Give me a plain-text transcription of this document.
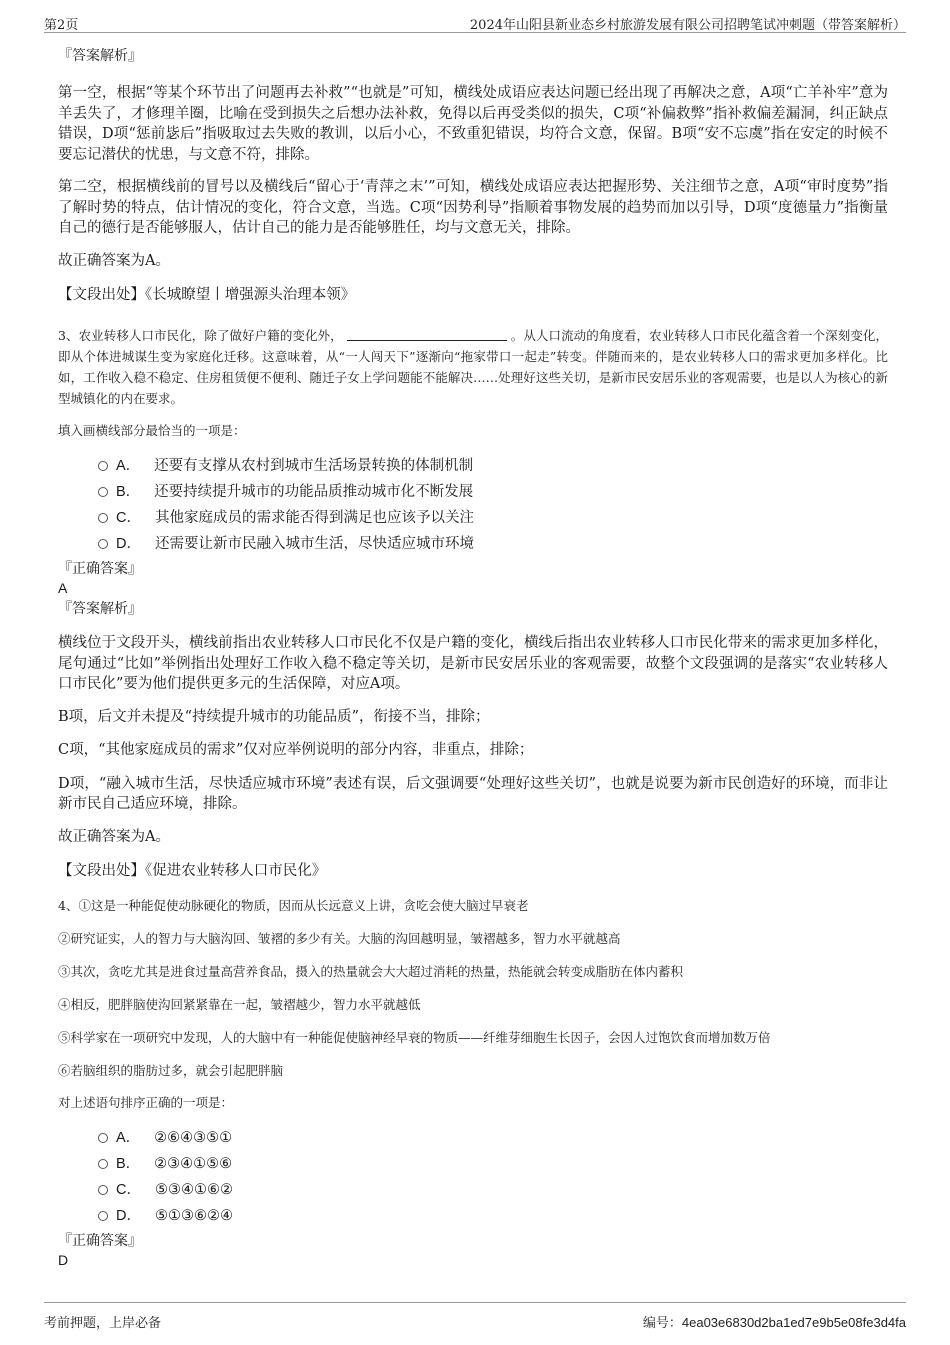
第2页	2024年山阳县新业态乡村旅游发展有限公司招聘笔试冲刺题（带答案解析）

『答案解析』

第一空，根据“等某个环节出了问题再去补救”“也就是”可知，横线处成语应表达问题已经出现了再解决之意，A项“亡羊补牢”意为羊丢失了，才修理羊圈，比喻在受到损失之后想办法补救，免得以后再受类似的损失，C项“补偏救弊”指补救偏差漏洞，纠正缺点错误，D项“惩前毖后”指吸取过去失败的教训，以后小心，不致重犯错误，均符合文意，保留。B项“安不忘虞”指在安定的时候不要忘记潜伏的忧患，与文意不符，排除。

第二空，根据横线前的冒号以及横线后“留心于‘青萍之末’”可知，横线处成语应表达把握形势、关注细节之意，A项“审时度势”指了解时势的特点，估计情况的变化，符合文意，当选。C项“因势利导”指顺着事物发展的趋势而加以引导，D项“度德量力”指衡量自己的德行是否能够服人，估计自己的能力是否能够胜任，均与文意无关，排除。

故正确答案为A。

【文段出处】《长城瞭望丨增强源头治理本领》

3、农业转移人口市民化，除了做好户籍的变化外，	。从人口流动的角度看，农业转移人口市民化蕴含着一个深刻变化，即从个体进城谋生变为家庭化迁移。这意味着，从“一人闯天下”逐渐向“拖家带口一起走”转变。伴随而来的，是农业转移人口的需求更加多样化。比如，工作收入稳不稳定、住房租赁便不便利、随迁子女上学问题能不能解决……处理好这些关切，是新市民安居乐业的客观需要，也是以人为核心的新型城镇化的内在要求。

填入画横线部分最恰当的一项是：

A． 还要有支撑从农村到城市生活场景转换的体制机制

B． 还要持续提升城市的功能品质推动城市化不断发展

C． 其他家庭成员的需求能否得到满足也应该予以关注

D． 还需要让新市民融入城市生活，尽快适应城市环境

『正确答案』

A

『答案解析』

横线位于文段开头，横线前指出农业转移人口市民化不仅是户籍的变化，横线后指出农业转移人口市民化带来的需求更加多样化，尾句通过“比如”举例指出处理好工作收入稳不稳定等关切，是新市民安居乐业的客观需要，故整个文段强调的是落实“农业转移人口市民化”要为他们提供更多元的生活保障，对应A项。

B项，后文并未提及“持续提升城市的功能品质”，衔接不当，排除；

C项，“其他家庭成员的需求”仅对应举例说明的部分内容，非重点，排除；

D项，“融入城市生活，尽快适应城市环境”表述有误，后文强调要“处理好这些关切”，也就是说要为新市民创造好的环境，而非让新市民自己适应环境，排除。

故正确答案为A。

【文段出处】《促进农业转移人口市民化》

4、①这是一种能促使动脉硬化的物质，因而从长远意义上讲，贪吃会使大脑过早衰老

②研究证实，人的智力与大脑沟回、皱褶的多少有关。大脑的沟回越明显，皱褶越多，智力水平就越高

③其次，贪吃尤其是进食过量高营养食品，摄入的热量就会大大超过消耗的热量，热能就会转变成脂肪在体内蓄积

④相反，肥胖脑使沟回紧紧靠在一起，皱褶越少，智力水平就越低

⑤科学家在一项研究中发现，人的大脑中有一种能促使脑神经早衰的物质——纤维芽细胞生长因子，会因人过饱饮食而增加数万倍

⑥若脑组织的脂肪过多，就会引起肥胖脑

对上述语句排序正确的一项是：

A． ②⑥④③⑤①

B． ②③④①⑤⑥

C． ⑤③④①⑥②

D． ⑤①③⑥②④

『正确答案』

D

考前押题，上岸必备	编号：4ea03e6830d2ba1ed7e9b5e08fe3d4fa
